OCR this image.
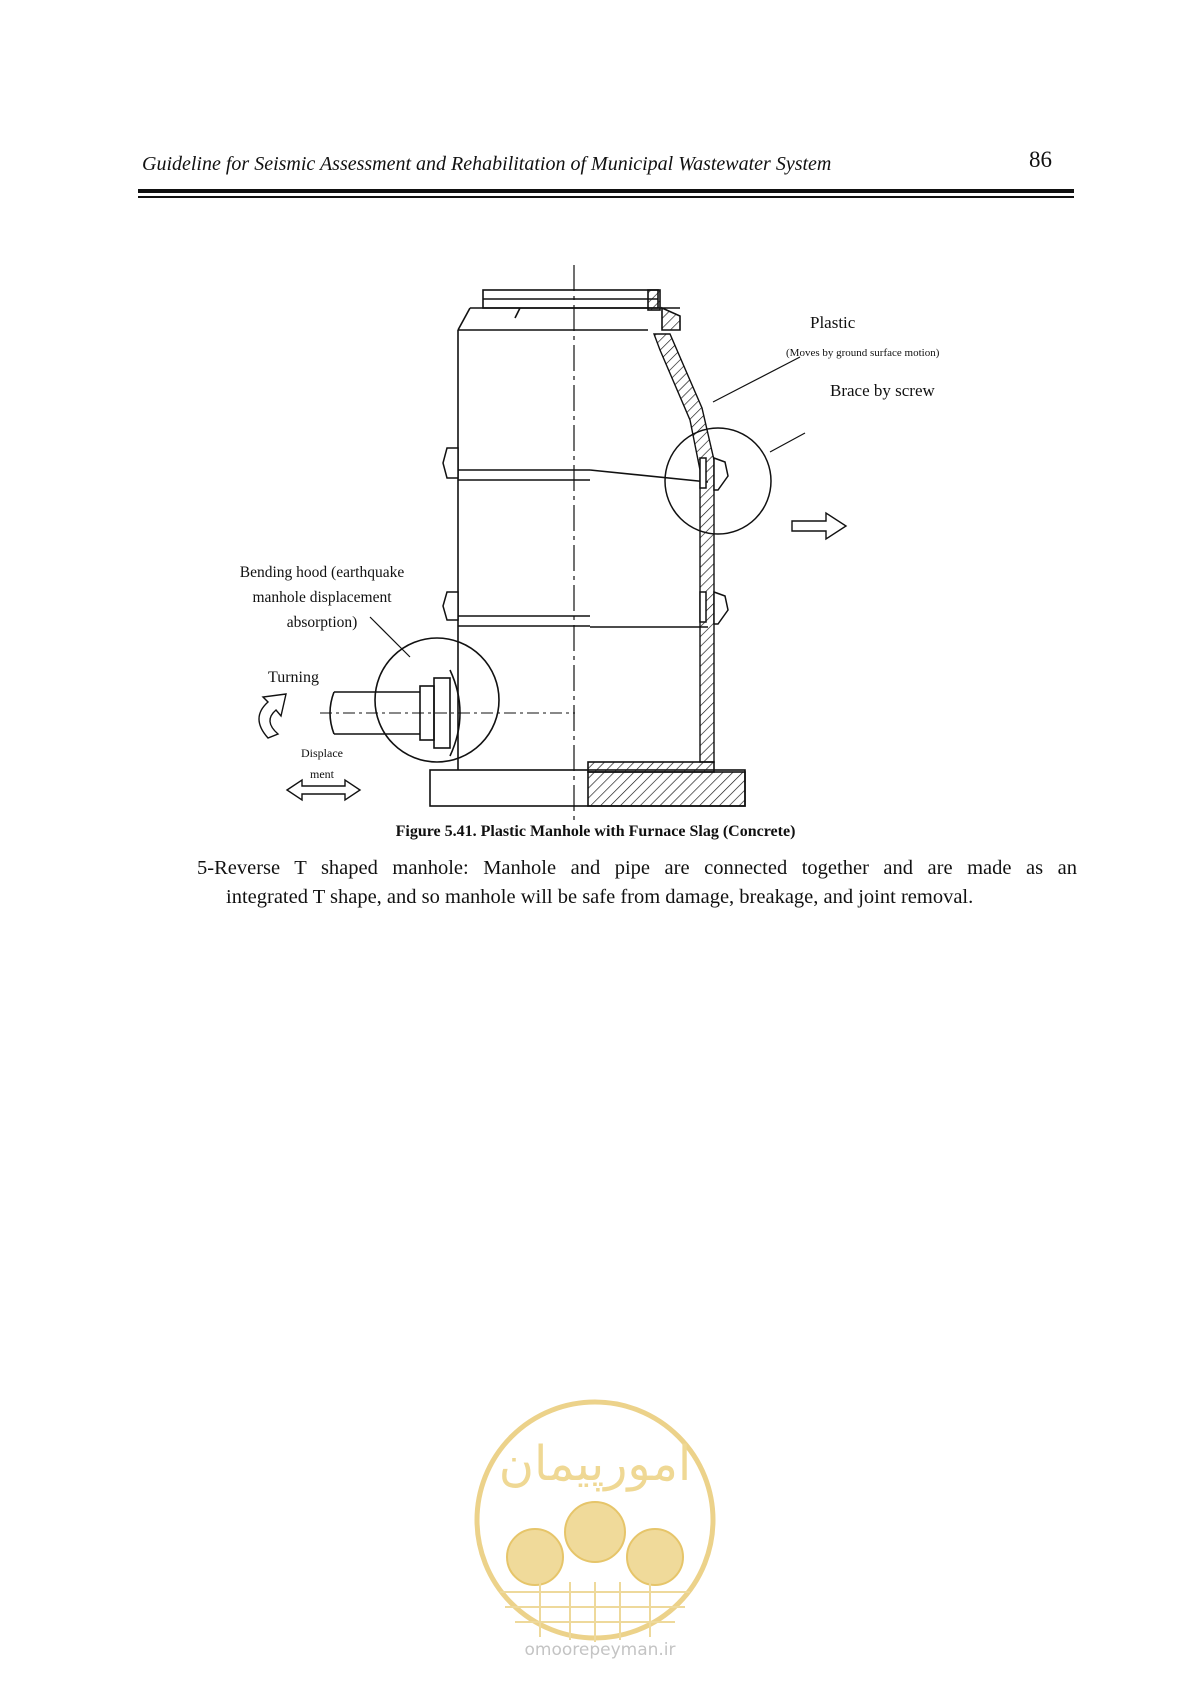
Guideline for Seismic Assessment and Rehabilitation of Municipal Wastewater System	86
Plastic
(Moves by ground surface motion)
Brace by screw
Bending hood (earthquake
manhole displacement
absorption)
Turning
Displace
ment
Figure 5.41. Plastic Manhole with Furnace Slag (Concrete)
5-Reverse T shaped manhole: Manhole and pipe are connected together and are made as an
integrated T shape, and so manhole will be safe from damage, breakage, and joint removal.
امورپیمان
omoorepeyman.ir
